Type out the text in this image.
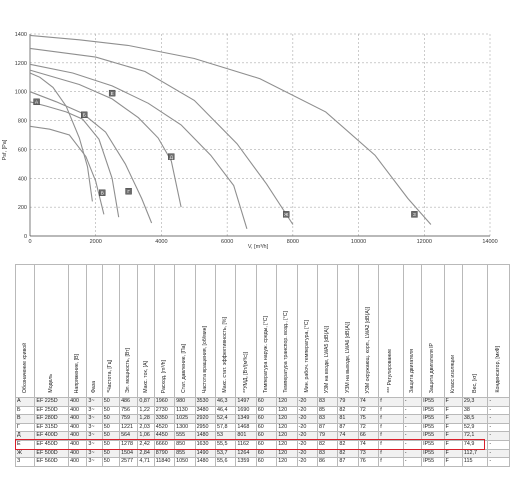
0	2000	4000	6000	8000	10000	12000	14000
0
200
400
600
800
1000
1200
1400
А
Б
В	Г
Д
Е
Ж	З
Psf, [Pa]
V, [m³/h]
Обозначение кривой	Модель	Напряжение, [В]	Фаза	*Частота, [Гц]	Эл. мощность, [Вт]	Макс. ток, [А]	Расход, [m³/h]	Стат. давление, [Па]	Частота вращения, [об/мин]	Макс. стат. эффективность, [%]	**УМД, [Вт/(м³/с)]	Температура наруж. среды, [°C]	Температура транспор. возд., [°C]	Мин. рабоч. температура, [°C]	УЗМ на входе, LWA5 [dB(A)]	УЗМ на выходе, LWA6 [dB(A)]	УЗМ окружающ. корп., LWA2 [dB(A)]	*** Регулирование	Защита двигателя	Защита двигателя IP	Класс изоляции	Вес, [кг]	Конденсатор, [мкФ]
А	EF 225D	400	3~	50	486	0,87	1960	980	3530	46,3	1497	60	120	-20	83	79	74	f	-	IP55	F	29,3	-
Б	EF 250D	400	3~	50	756	1,22	2730	1130	3480	46,4	1690	60	120	-20	85	82	72	f	-	IP55	F	38	-
В	EF 280D	400	3~	50	759	1,28	3350	1025	2920	52,4	1349	60	120	-20	83	81	75	f	-	IP55	F	38,5	-
Г	EF 315D	400	3~	50	1221	2,03	4520	1300	2950	57,8	1468	60	120	-20	87	87	72	f	-	IP55	F	52,9	-
Д	EF 400D	400	3~	50	564	1,06	4450	555	1480	53	801	60	120	-20	79	74	66	f	-	IP55	F	72,1	-
Е	EF 450D	400	3~	50	1278	2,42	6660	850	1630	55,5	1162	60	120	-20	82	82	74	f	-	IP55	F	74,9	-
Ж	EF 500D	400	3~	50	1504	2,84	8790	855	1490	53,7	1264	60	120	-20	83	82	73	f	-	IP55	F	112,7	-
З	EF 560D	400	3~	50	2577	4,71	11840	1050	1480	55,6	1359	60	120	-20	86	87	76	f	-	IP55	F	115	-
